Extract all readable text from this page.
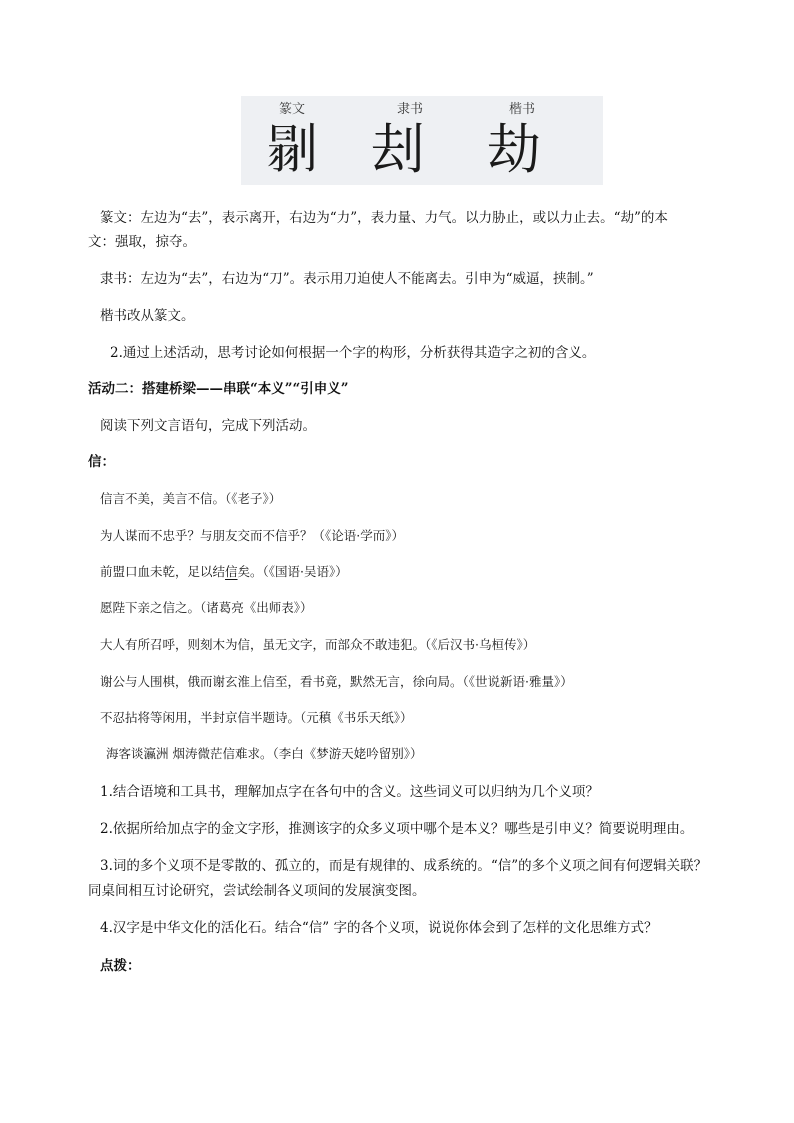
篆文	隶书	楷书
𠞈 刦 劫

篆文：左边为“去”，表示离开，右边为“力”，表力量、力气。以力胁止，或以力止去。“劫”的本

文：强取，掠夺。

隶书：左边为“去”，右边为“刀”。表示用刀迫使人不能离去。引申为“威逼，挟制。”

楷书改从篆文。

2.通过上述活动，思考讨论如何根据一个字的构形，分析获得其造字之初的含义。

活动二：搭建桥梁——串联“本义”“引申义”

阅读下列文言语句，完成下列活动。

信：
信言不美，美言不信。（《老子》）
为人谋而不忠乎？与朋友交而不信乎？（《论语·学而》）
前盟口血未乾，足以结信矣。（《国语·吴语》）
愿陛下亲之信之。（诸葛亮《出师表》）
大人有所召呼，则刻木为信，虽无文字，而部众不敢违犯。（《后汉书·乌桓传》）
谢公与人围棋，俄而谢玄淮上信至，看书竟，默然无言，徐向局。（《世说新语·雅量》）
不忍拈将等闲用，半封京信半题诗。（元稹《书乐天纸》）
海客谈瀛洲 烟涛微茫信难求。（李白《梦游天姥吟留别》）

1.结合语境和工具书，理解加点字在各句中的含义。这些词义可以归纳为几个义项？

2.依据所给加点字的金文字形，推测该字的众多义项中哪个是本义？哪些是引申义？简要说明理由。

3.词的多个义项不是零散的、孤立的，而是有规律的、成系统的。“信”的多个义项之间有何逻辑关联？

同桌间相互讨论研究，尝试绘制各义项间的发展演变图。

4.汉字是中华文化的活化石。结合“信” 字的各个义项，说说你体会到了怎样的文化思维方式？

点拨：
